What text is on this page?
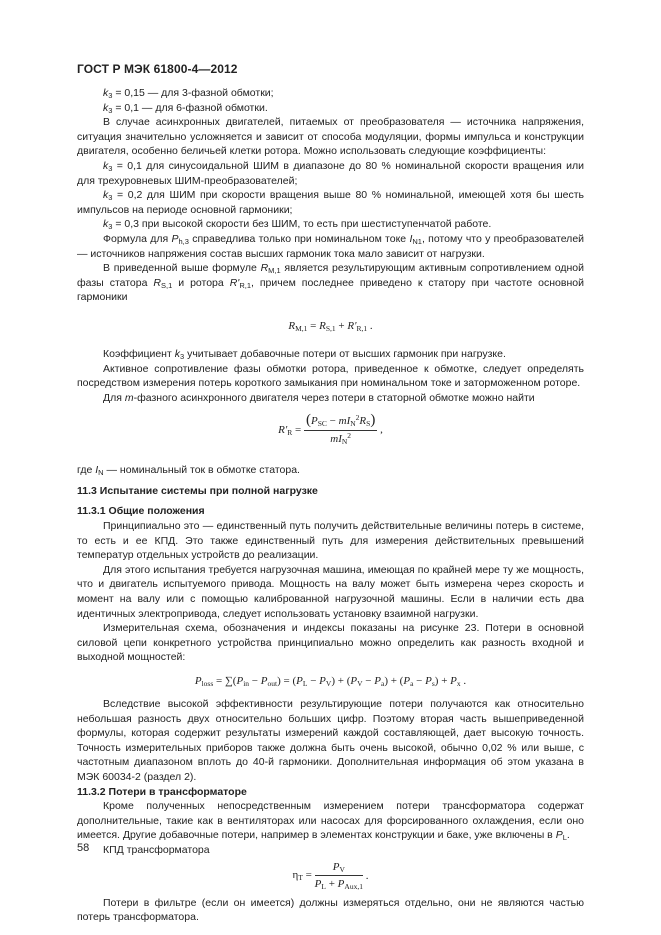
ГОСТ Р МЭК 61800-4—2012

$k_3 = 0,15$ — для 3-фазной обмотки;

$k_3 = 0,1$ — для 6-фазной обмотки.

В случае асинхронных двигателей, питаемых от преобразователя — источника напряжения, ситуация значительно усложняется и зависит от способа модуляции, формы импульса и конструкции двигателя, особенно беличьей клетки ротора. Можно использовать следующие коэффициенты:

$k_3 = 0,1$ для синусоидальной ШИМ в диапазоне до 80 % номинальной скорости вращения или для трехуровневых ШИМ-преобразователей;

$k_3 = 0,2$ для ШИМ при скорости вращения выше 80 % номинальной, имеющей хотя бы шесть импульсов на периоде основной гармоники;

$k_3 = 0,3$ при высокой скорости без ШИМ, то есть при шестиступенчатой работе.

Формула для $P_{h,3}$ справедлива только при номинальном токе $I_{N1}$, потому что у преобразователей — источников напряжения состав высших гармоник тока мало зависит от нагрузки.

В приведенной выше формуле $R_{M,1}$ является результирующим активным сопротивлением одной фазы статора $R_{S,1}$ и ротора $R'_{R,1}$, причем последнее приведено к статору при частоте основной гармоники

$R_{M,1} = R_{S,1} + R'_{R,1}$ .

Коэффициент $k_3$ учитывает добавочные потери от высших гармоник при нагрузке.

Активное сопротивление фазы обмотки ротора, приведенное к обмотке, следует определять посредством измерения потерь короткого замыкания при номинальном токе и заторможенном роторе.

Для m-фазного асинхронного двигателя через потери в статорной обмотке можно найти

$R'_R = \frac{(P_{SC} - mI_N^2R_S)}{mI_N^2}$ ,

где $I_N$ — номинальный ток в обмотке статора.

11.3 Испытание системы при полной нагрузке

11.3.1 Общие положения

Принципиально это — единственный путь получить действительные величины потерь в системе, то есть и ее КПД. Это также единственный путь для измерения действительных превышений температур отдельных устройств до реализации.

Для этого испытания требуется нагрузочная машина, имеющая по крайней мере ту же мощность, что и двигатель испытуемого привода. Мощность на валу может быть измерена через скорость и момент на валу или с помощью калиброванной нагрузочной машины. Если в наличии есть два идентичных электропривода, следует использовать установку взаимной нагрузки.

Измерительная схема, обозначения и индексы показаны на рисунке 23. Потери в основной силовой цепи конкретного устройства принципиально можно определить как разность входной и выходной мощностей:

$P_{loss} = \sum(P_{in} - P_{out}) = (P_L - P_V) + (P_V - P_a) + (P_a - P_s) + P_x$ .

Вследствие высокой эффективности результирующие потери получаются как относительно небольшая разность двух относительно больших цифр. Поэтому вторая часть вышеприведенной формулы, которая содержит результаты измерений каждой составляющей, дает высокую точность. Точность измерительных приборов также должна быть очень высокой, обычно 0,02 % или выше, с частотным диапазоном вплоть до 40-й гармоники. Дополнительная информация об этом указана в МЭК 60034-2 (раздел 2).

11.3.2 Потери в трансформаторе

Кроме полученных непосредственным измерением потери трансформатора содержат дополнительные, такие как в вентиляторах или насосах для форсированного охлаждения, если оно имеется. Другие добавочные потери, например в элементах конструкции и баке, уже включены в $P_L$.

КПД трансформатора

$\eta_T = \frac{P_V}{P_L + P_{Aux,1}}$ .

Потери в фильтре (если он имеется) должны измеряться отдельно, они не являются частью потерь трансформатора.

58
